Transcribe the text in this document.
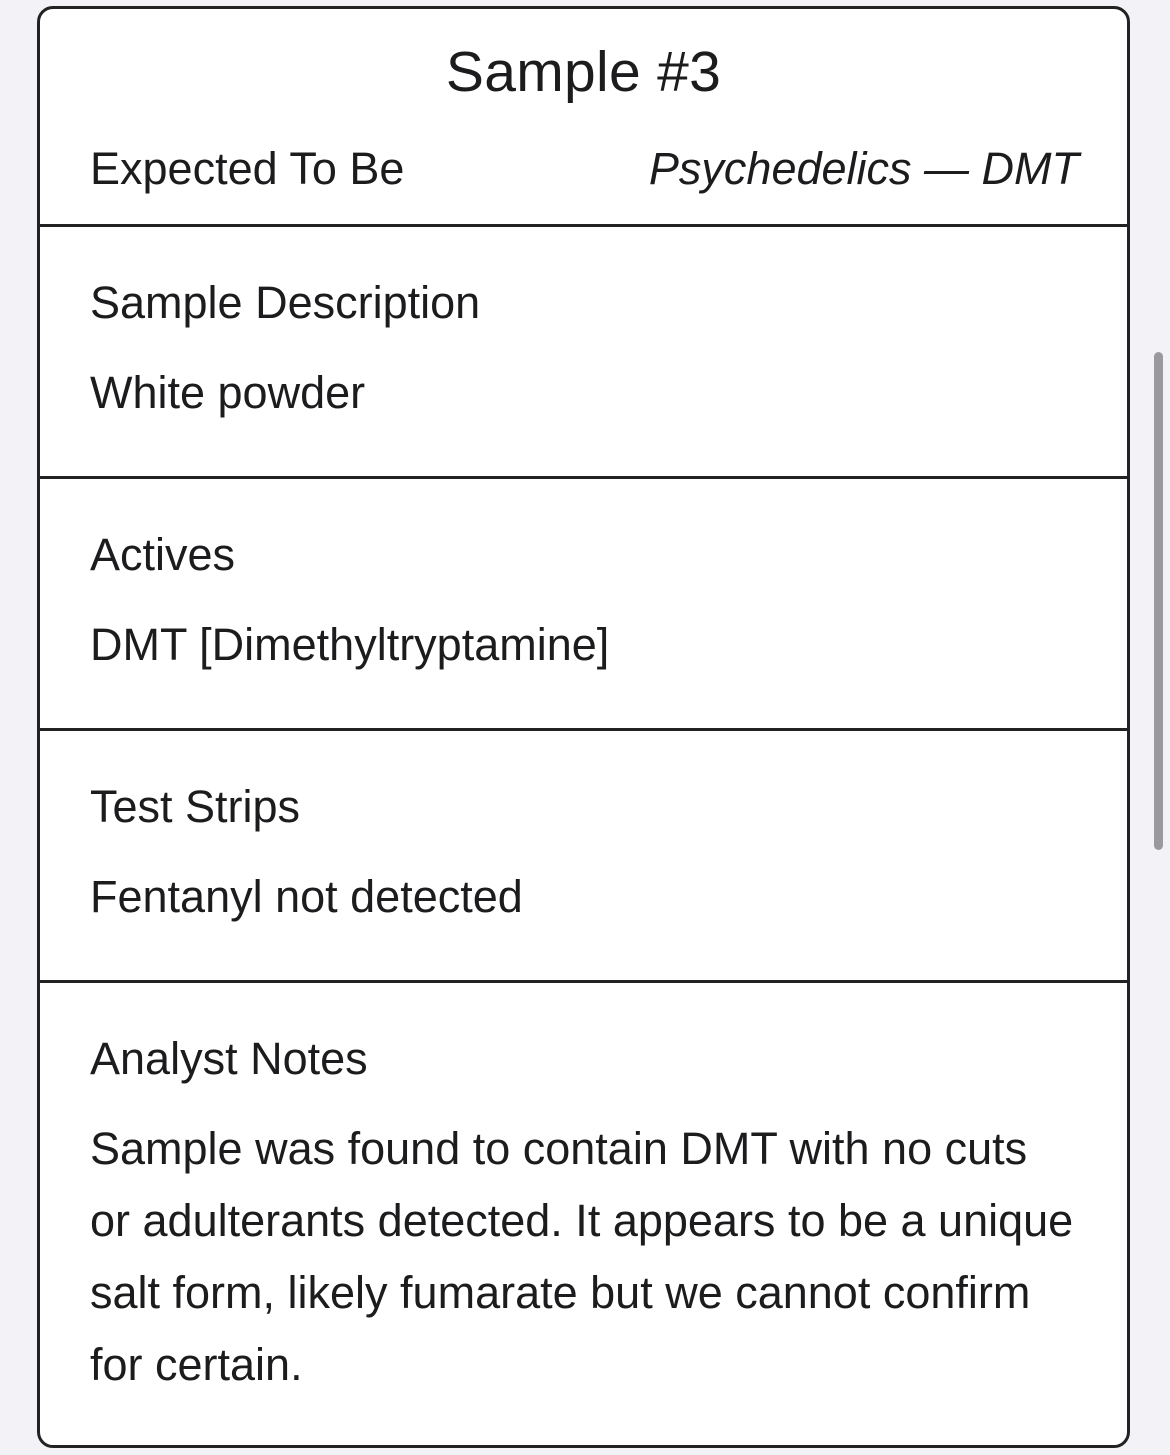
Sample #3
Expected To Be	Psychedelics — DMT
Sample Description
White powder
Actives
DMT [Dimethyltryptamine]
Test Strips
Fentanyl not detected
Analyst Notes
Sample was found to contain DMT with no cuts or adulterants detected. It appears to be a unique salt form, likely fumarate but we cannot confirm for certain.
